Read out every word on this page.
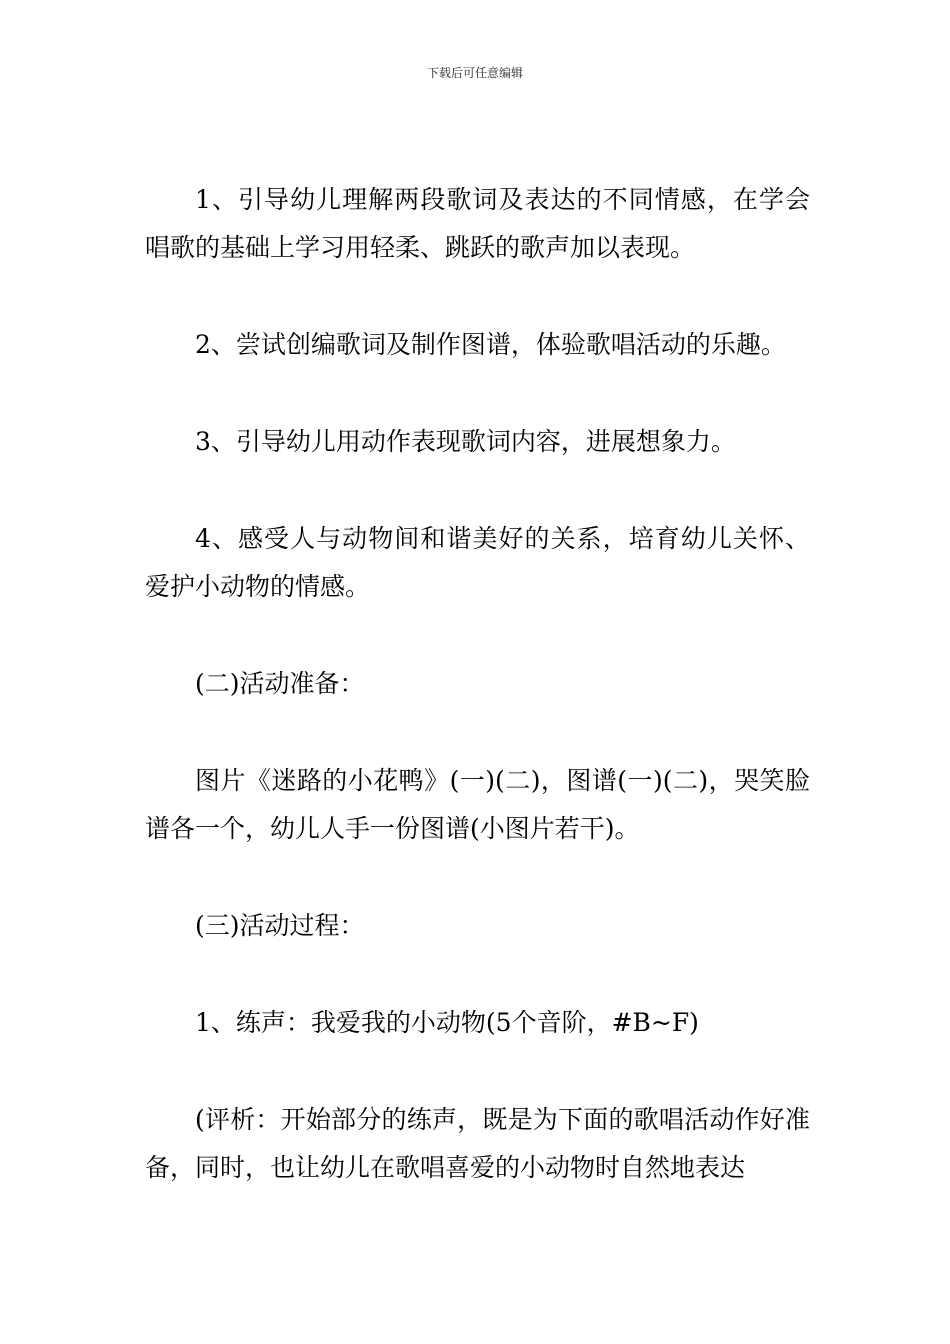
下载后可任意编辑

1、引导幼儿理解两段歌词及表达的不同情感，在学会唱歌的基础上学习用轻柔、跳跃的歌声加以表现。

2、尝试创编歌词及制作图谱，体验歌唱活动的乐趣。

3、引导幼儿用动作表现歌词内容，进展想象力。

4、感受人与动物间和谐美好的关系，培育幼儿关怀、爱护小动物的情感。

(二)活动准备：

图片《迷路的小花鸭》(一)(二)，图谱(一)(二)，哭笑脸谱各一个，幼儿人手一份图谱(小图片若干)。

(三)活动过程：

1、练声：我爱我的小动物(5个音阶，#B~F)

(评析：开始部分的练声，既是为下面的歌唱活动作好准备，同时，也让幼儿在歌唱喜爱的小动物时自然地表达
